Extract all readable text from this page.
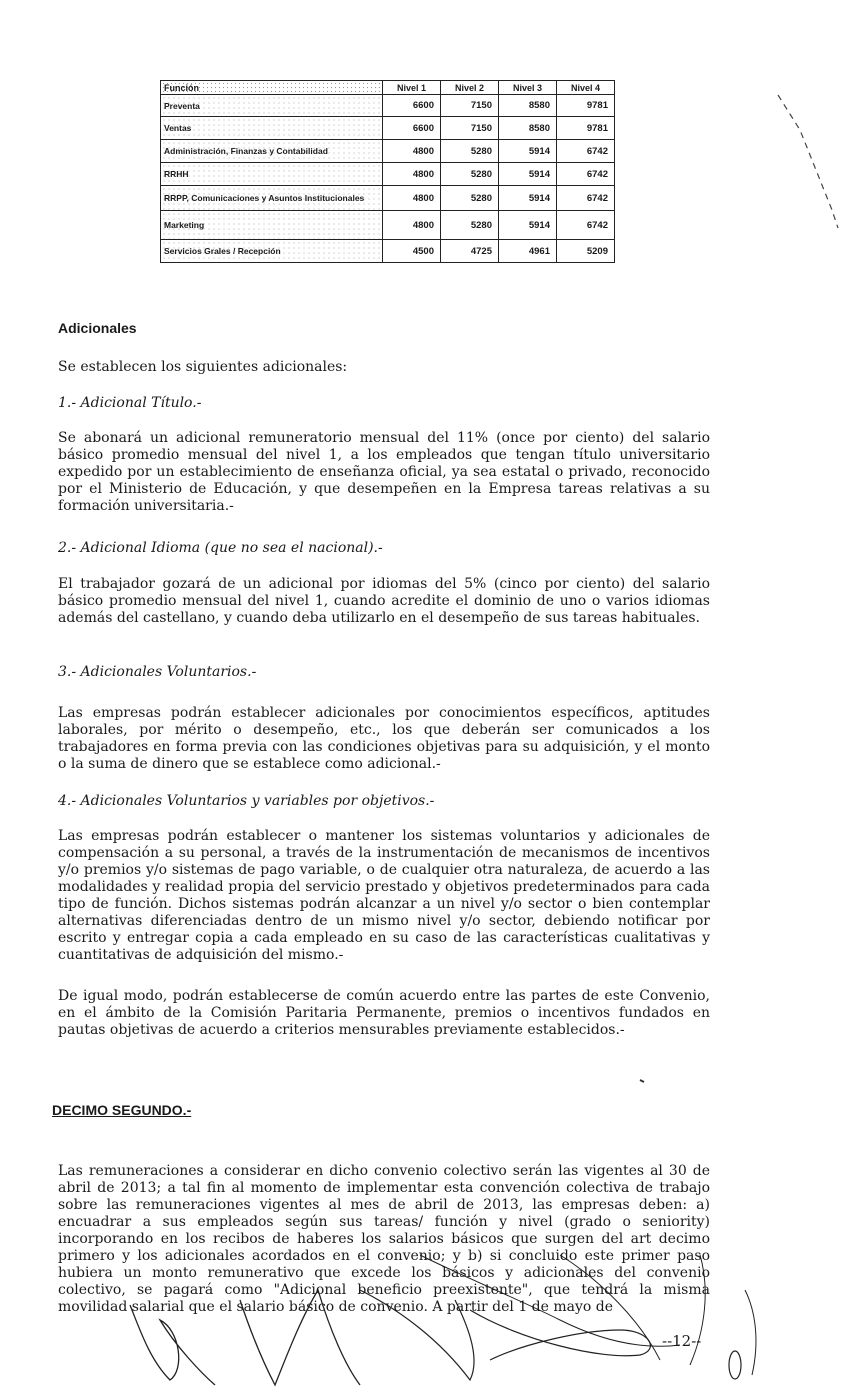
Función	Nivel 1	Nivel 2	Nivel 3	Nivel 4
Preventa	6600	7150	8580	9781
Ventas	6600	7150	8580	9781
Administración, Finanzas y Contabilidad	4800	5280	5914	6742
RRHH	4800	5280	5914	6742
RRPP, Comunicaciones y Asuntos Institucionales	4800	5280	5914	6742
Marketing	4800	5280	5914	6742
Servicios Grales / Recepción	4500	4725	4961	5209
Adicionales
Se establecen los siguientes adicionales:
1.- Adicional Título.-
Se abonará un adicional remuneratorio mensual del 11% (once por ciento) del salario básico promedio mensual del nivel 1, a los empleados que tengan título universitario expedido por un establecimiento de enseñanza oficial, ya sea estatal o privado, reconocido por el Ministerio de Educación, y que desempeñen en la Empresa tareas relativas a su formación universitaria.-
2.- Adicional Idioma (que no sea el nacional).-
El trabajador gozará de un adicional por idiomas del 5% (cinco por ciento) del salario básico promedio mensual del nivel 1, cuando acredite el dominio de uno o varios idiomas además del castellano, y cuando deba utilizarlo en el desempeño de sus tareas habituales.
3.- Adicionales Voluntarios.-
Las empresas podrán establecer adicionales por conocimientos específicos, aptitudes laborales, por mérito o desempeño, etc., los que deberán ser comunicados a los trabajadores en forma previa con las condiciones objetivas para su adquisición, y el monto o la suma de dinero que se establece como adicional.-
4.- Adicionales Voluntarios y variables por objetivos.-
Las empresas podrán establecer o mantener los sistemas voluntarios y adicionales de compensación a su personal, a través de la instrumentación de mecanismos de incentivos y/o premios y/o sistemas de pago variable, o de cualquier otra naturaleza, de acuerdo a las modalidades y realidad propia del servicio prestado y objetivos predeterminados para cada tipo de función. Dichos sistemas podrán alcanzar a un nivel y/o sector o bien contemplar alternativas diferenciadas dentro de un mismo nivel y/o sector, debiendo notificar por escrito y entregar copia a cada empleado en su caso de las características cualitativas y cuantitativas de adquisición del mismo.-
De igual modo, podrán establecerse de común acuerdo entre las partes de este Convenio, en el ámbito de la Comisión Paritaria Permanente, premios o incentivos fundados en pautas objetivas de acuerdo a criterios mensurables previamente establecidos.-
DECIMO SEGUNDO.-
Las remuneraciones a considerar en dicho convenio colectivo serán las vigentes al 30 de abril de 2013; a tal fin al momento de implementar esta convención colectiva de trabajo sobre las remuneraciones vigentes al mes de abril de 2013, las empresas deben: a) encuadrar a sus empleados según sus tareas/ función y nivel (grado o seniority) incorporando en los recibos de haberes los salarios básicos que surgen del art decimo primero y los adicionales acordados en el convenio; y b) si concluido este primer paso hubiera un monto remunerativo que excede los básicos y adicionales del convenio colectivo, se pagará como "Adicional beneficio preexistente", que tendrá la misma movilidad salarial que el salario básico de convenio. A partir del 1 de mayo de
--12--
